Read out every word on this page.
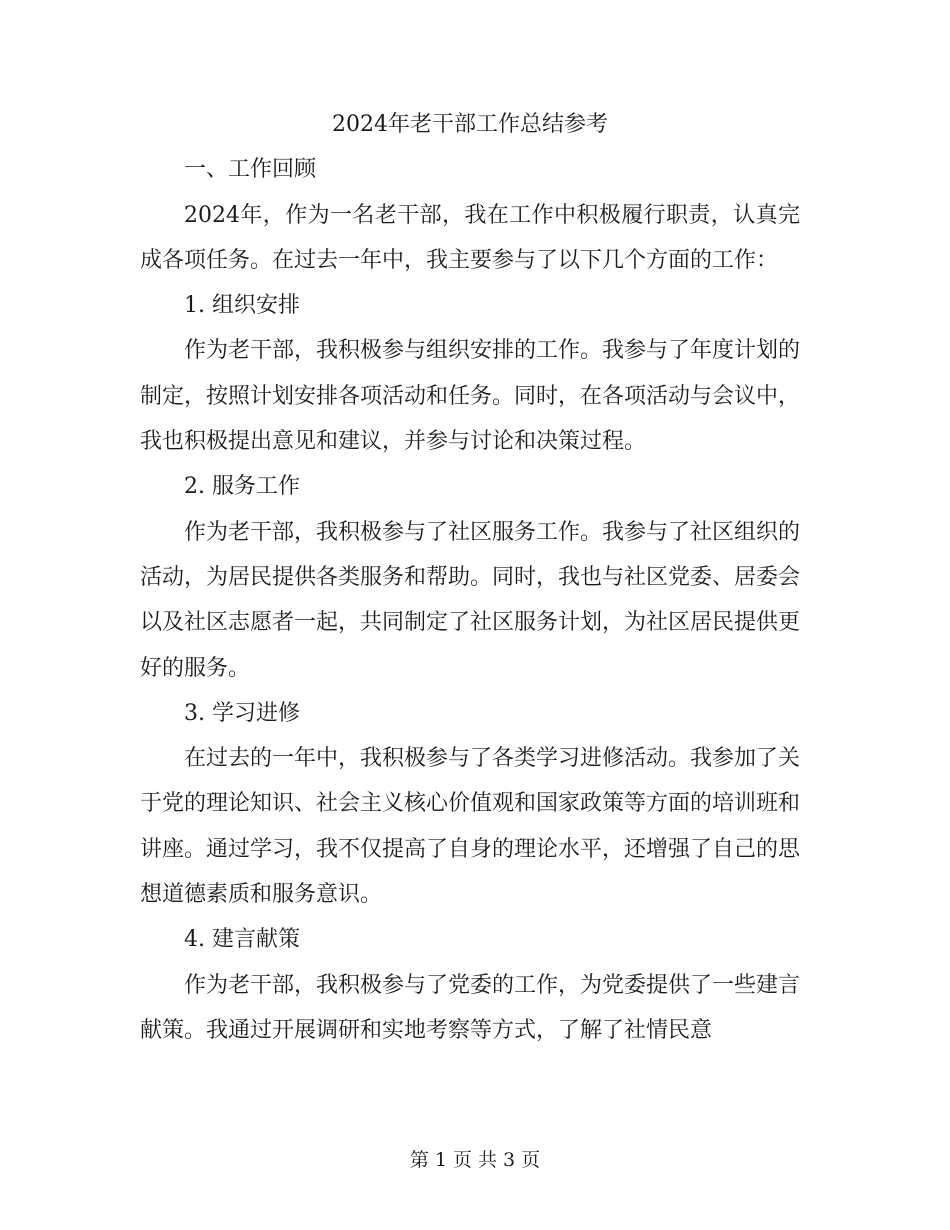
2024年老干部工作总结参考

一、工作回顾

2024年，作为一名老干部，我在工作中积极履行职责，认真完成各项任务。在过去一年中，我主要参与了以下几个方面的工作：

1. 组织安排

作为老干部，我积极参与组织安排的工作。我参与了年度计划的制定，按照计划安排各项活动和任务。同时，在各项活动与会议中，我也积极提出意见和建议，并参与讨论和决策过程。

2. 服务工作

作为老干部，我积极参与了社区服务工作。我参与了社区组织的活动，为居民提供各类服务和帮助。同时，我也与社区党委、居委会以及社区志愿者一起，共同制定了社区服务计划，为社区居民提供更好的服务。

3. 学习进修

在过去的一年中，我积极参与了各类学习进修活动。我参加了关于党的理论知识、社会主义核心价值观和国家政策等方面的培训班和讲座。通过学习，我不仅提高了自身的理论水平，还增强了自己的思想道德素质和服务意识。

4. 建言献策

作为老干部，我积极参与了党委的工作，为党委提供了一些建言献策。我通过开展调研和实地考察等方式，了解了社情民意

第 1 页 共 3 页
